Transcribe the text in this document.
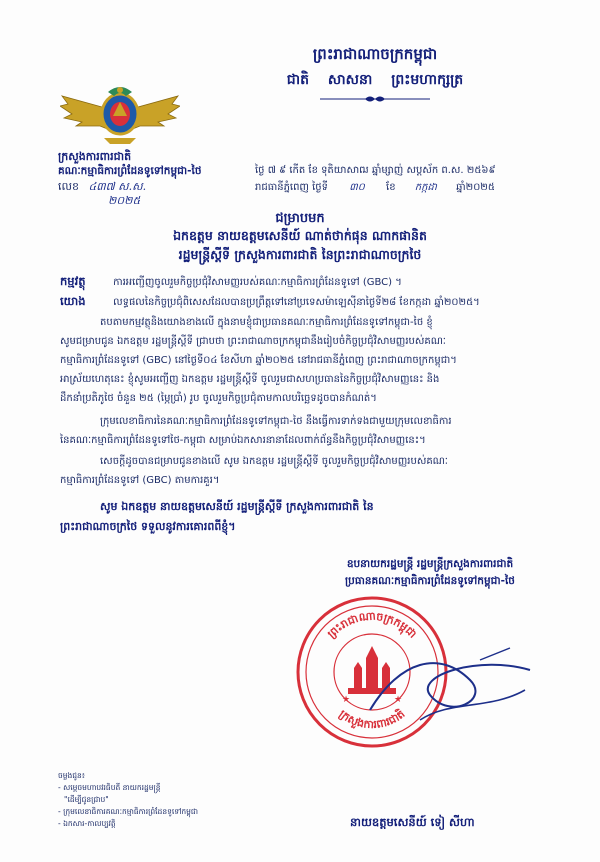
ព្រះរាជាណាចក្រកម្ពុជា
ជាតិ សាសនា ព្រះមហាក្សត្រ
ក្រសួងការពារជាតិ
គណៈកម្មាធិការព្រំដែនទូទៅកម្ពុជា-ថៃ
លេខ ៤៣៧ ស.ស.
២០២៥
ថ្ងៃ ៧ ៩ កើត ខែ ទុតិយាសាឍ ឆ្នាំម្សាញ់ សប្តស័ក ព.ស. ២៥៦៩
រាជធានីភ្នំពេញ ថ្ងៃទី ៣០ ខែ កក្កដា ឆ្នាំ២០២៥
ជម្រាបមក
ឯកឧត្តម នាយឧត្តមសេនីយ៍ ណាត់ថាក់ផុន ណាកផានិត
រដ្ឋមន្ត្រីស្តីទី ក្រសួងការពារជាតិ នៃព្រះរាជាណាចក្រថៃ
កម្មវត្ថុ	ការអញ្ជើញចូលរួមកិច្ចប្រជុំវិសាមញ្ញរបស់គណៈកម្មាធិការព្រំដែនទូទៅ (GBC) ។
យោង	លទ្ធផលនៃកិច្ចប្រជុំពិសេសដែលបានប្រព្រឹត្តទៅនៅប្រទេសម៉ាឡេស៊ីនាថ្ងៃទី២៨ ខែកក្កដា ឆ្នាំ២០២៥។
តបតាមកម្មវត្ថុនិងយោងខាងលើ ក្នុងនាមខ្ញុំជាប្រធានគណៈកម្មាធិការព្រំដែនទូទៅកម្ពុជា-ថៃ ខ្ញុំ
សូមជម្រាបជូន ឯកឧត្តម រដ្ឋមន្ត្រីស្តីទី ជ្រាបថា ព្រះរាជាណាចក្រកម្ពុជានឹងរៀបចំកិច្ចប្រជុំវិសាមញ្ញរបស់គណៈ
កម្មាធិការព្រំដែនទូទៅ (GBC) នៅថ្ងៃទី០៤ ខែសីហា ឆ្នាំ២០២៥ នៅរាជធានីភ្នំពេញ ព្រះរាជាណាចក្រកម្ពុជា។
អាស្រ័យហេតុនេះ ខ្ញុំសូមអញ្ជើញ ឯកឧត្តម រដ្ឋមន្ត្រីស្តីទី ចូលរួមជាសហប្រធាននៃកិច្ចប្រជុំវិសាមញ្ញនេះ និង
ដឹកនាំប្រតិភូថៃ ចំនួន ២៥ (ម្ភៃប្រាំ) រូប ចូលរួមកិច្ចប្រជុំតាមកាលបរិច្ឆេទដូចបានកំណត់។
ក្រុមលេខាធិការនៃគណៈកម្មាធិការព្រំដែនទូទៅកម្ពុជា-ថៃ នឹងធ្វើការទាក់ទងជាមួយក្រុមលេខាធិការ
នៃគណៈកម្មាធិការព្រំដែនទូទៅថៃ-កម្ពុជា សម្រាប់ឯកសារនានាដែលពាក់ព័ន្ធនឹងកិច្ចប្រជុំវិសាមញ្ញនេះ។
សេចក្តីដូចបានជម្រាបជូនខាងលើ សូម ឯកឧត្តម រដ្ឋមន្ត្រីស្តីទី ចូលរួមកិច្ចប្រជុំវិសាមញ្ញរបស់គណៈ
កម្មាធិការព្រំដែនទូទៅ (GBC) តាមការគួរ។
សូម ឯកឧត្តម នាយឧត្តមសេនីយ៍ រដ្ឋមន្ត្រីស្តីទី ក្រសួងការពារជាតិ នៃ
ព្រះរាជាណាចក្រថៃ ទទួលនូវការគោរពពីខ្ញុំ។
ឧបនាយករដ្ឋមន្ត្រី រដ្ឋមន្ត្រីក្រសួងការពារជាតិ
ប្រធានគណៈកម្មាធិការព្រំដែនទូទៅកម្ពុជា-ថៃ
ព្រះរាជាណាចក្រកម្ពុជា
ក្រសួងការពារជាតិ
★	★
នាយឧត្តមសេនីយ៍ ទៀ សីហា
ចម្លងជូន៖
- សម្តេចមហាបវរធិបតី នាយករដ្ឋមន្ត្រី
"ដើម្បីជូនជ្រាប"
- ក្រុមលេខាធិការគណៈកម្មាធិការព្រំដែនទូទៅកម្ពុជា
- ឯកសារ-កាលប្បវត្តិ
